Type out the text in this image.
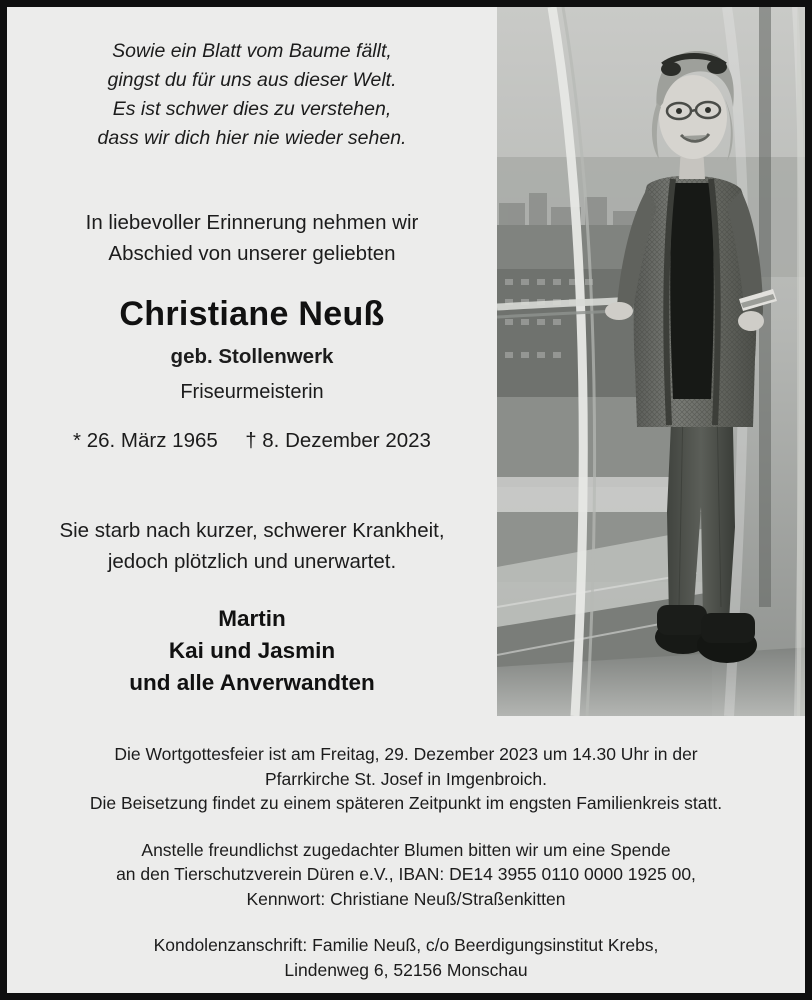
Sowie ein Blatt vom Baume fällt,
gingst du für uns aus dieser Welt.
Es ist schwer dies zu verstehen,
dass wir dich hier nie wieder sehen.
In liebevoller Erinnerung nehmen wir
Abschied von unserer geliebten
Christiane Neuß
geb. Stollenwerk
Friseurmeisterin
* 26. März 1965 † 8. Dezember 2023
Sie starb nach kurzer, schwerer Krankheit,
jedoch plötzlich und unerwartet.
Martin
Kai und Jasmin
und alle Anverwandten

Die Wortgottesfeier ist am Freitag, 29. Dezember 2023 um 14.30 Uhr in der

Pfarrkirche St. Josef in Imgenbroich.

Die Beisetzung findet zu einem späteren Zeitpunkt im engsten Familienkreis statt.

Anstelle freundlichst zugedachter Blumen bitten wir um eine Spende

an den Tierschutzverein Düren e.V., IBAN: DE14 3955 0110 0000 1925 00,

Kennwort: Christiane Neuß/Straßenkitten

Kondolenzanschrift: Familie Neuß, c/o Beerdigungsinstitut Krebs,

Lindenweg 6, 52156 Monschau
